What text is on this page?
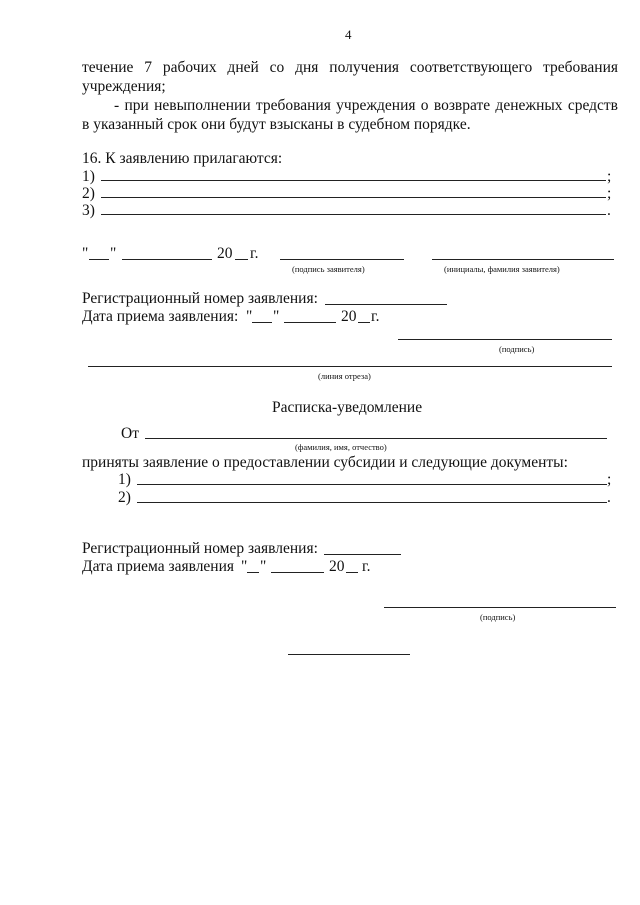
4
течение 7 рабочих дней со дня получения соответствующего требования
учреждения;
- при невыполнении требования учреждения о возврате денежных средств
в указанный срок они будут взысканы в судебном порядке.
16. К заявлению прилагаются:
1)	;
2)	;
3)	.
" "	20 г.
(подпись заявителя)	(инициалы, фамилия заявителя)
Регистрационный номер заявления:
Дата приема заявления: " "	20 г.
(подпись)
(линия отреза)
Расписка-уведомление
От
(фамилия, имя, отчество)
приняты заявление о предоставлении субсидии и следующие документы:
1)	;
2)	.
Регистрационный номер заявления:
Дата приема заявления " "	20 г.
(подпись)
